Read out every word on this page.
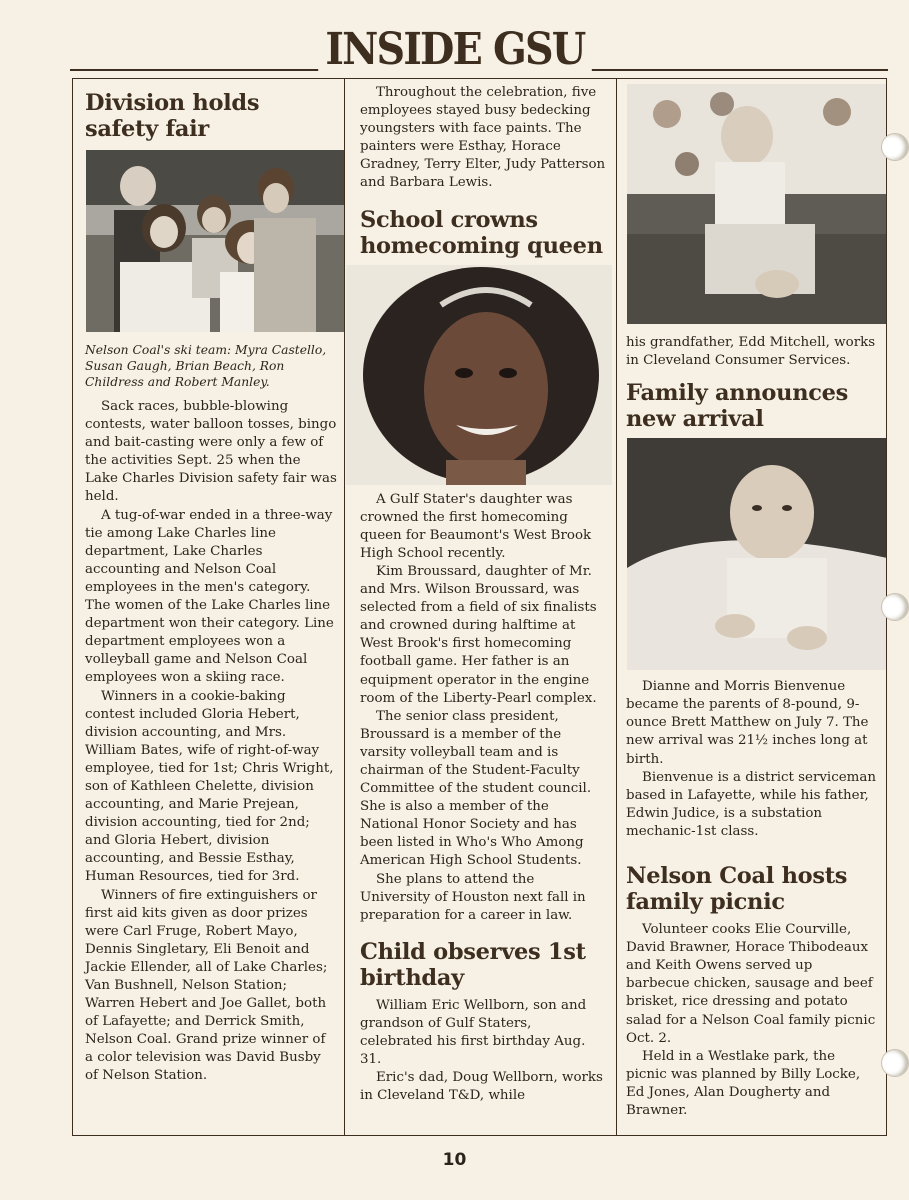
INSIDE GSU
Division holds safety fair

Nelson Coal's ski team: Myra Castello, Susan Gaugh, Brian Beach, Ron Childress and Robert Manley.

Sack races, bubble-blowing contests, water balloon tosses, bingo and bait-casting were only a few of the activities Sept. 25 when the Lake Charles Division safety fair was held.

A tug-of-war ended in a three-way tie among Lake Charles line department, Lake Charles accounting and Nelson Coal employees in the men's category. The women of the Lake Charles line department won their category. Line department employees won a volleyball game and Nelson Coal employees won a skiing race.

Winners in a cookie-baking contest included Gloria Hebert, division accounting, and Mrs. William Bates, wife of right-of-way employee, tied for 1st; Chris Wright, son of Kathleen Chelette, division accounting, and Marie Prejean, division accounting, tied for 2nd; and Gloria Hebert, division accounting, and Bessie Esthay, Human Resources, tied for 3rd.

Winners of fire extinguishers or first aid kits given as door prizes were Carl Fruge, Robert Mayo, Dennis Singletary, Eli Benoit and Jackie Ellender, all of Lake Charles; Van Bushnell, Nelson Station; Warren Hebert and Joe Gallet, both of Lafayette; and Derrick Smith, Nelson Coal. Grand prize winner of a color television was David Busby of Nelson Station.

Throughout the celebration, five employees stayed busy bedecking youngsters with face paints. The painters were Esthay, Horace Gradney, Terry Elter, Judy Patterson and Barbara Lewis.

School crowns homecoming queen

A Gulf Stater's daughter was crowned the first homecoming queen for Beaumont's West Brook High School recently.

Kim Broussard, daughter of Mr. and Mrs. Wilson Broussard, was selected from a field of six finalists and crowned during halftime at West Brook's first homecoming football game. Her father is an equipment operator in the engine room of the Liberty-Pearl complex.

The senior class president, Broussard is a member of the varsity volleyball team and is chairman of the Student-Faculty Committee of the student council. She is also a member of the National Honor Society and has been listed in Who's Who Among American High School Students.

She plans to attend the University of Houston next fall in preparation for a career in law.

Child observes 1st birthday

William Eric Wellborn, son and grandson of Gulf Staters, celebrated his first birthday Aug. 31.

Eric's dad, Doug Wellborn, works in Cleveland T&D, while

his grandfather, Edd Mitchell, works in Cleveland Consumer Services.

Family announces new arrival

Dianne and Morris Bienvenue became the parents of 8-pound, 9-ounce Brett Matthew on July 7. The new arrival was 21½ inches long at birth.

Bienvenue is a district serviceman based in Lafayette, while his father, Edwin Judice, is a substation mechanic-1st class.

Nelson Coal hosts family picnic

Volunteer cooks Elie Courville, David Brawner, Horace Thibodeaux and Keith Owens served up barbecue chicken, sausage and beef brisket, rice dressing and potato salad for a Nelson Coal family picnic Oct. 2.

Held in a Westlake park, the picnic was planned by Billy Locke, Ed Jones, Alan Dougherty and Brawner.

10
